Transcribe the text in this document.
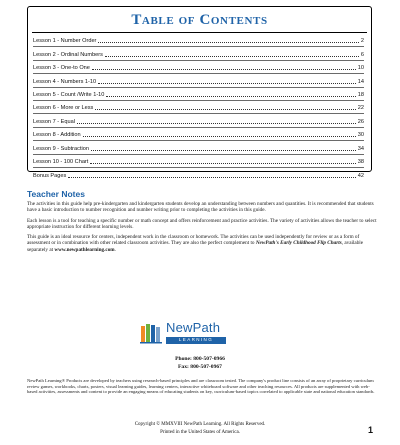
Table of Contents
Lesson 1 - Number Order	2
Lesson 2 - Ordinal Numbers	6
Lesson 3 - One-to One	10
Lesson 4 - Numbers 1-10	14
Lesson 5 - Count /Write 1-10	18
Lesson 6 - More or Less	22
Lesson 7 - Equal	26
Lesson 8 - Addition	30
Lesson 9 - Subtraction	34
Lesson 10 - 100 Chart	38
Bonus Pages	42
Teacher Notes

The activities in this guide help pre-kindergarten and kindergarten students develop an understanding between numbers and quantities. It is recommended that students have a basic introduction to number recognition and number writing prior to completing the activities in this guide.

Each lesson is a tool for teaching a specific number or math concept and offers reinforcement and practice activities. The variety of activities allows the teacher to select appropriate instruction for different learning levels.

This guide is an ideal resource for centers, independent work in the classroom or homework. The activities can be used independently for review or as a form of assessment or in combination with other related classroom activities. They are also the perfect complement to NewPath's Early Childhood Flip Charts, available separately at www.newpathlearning.com.

NewPath
LEARNING
Phone: 800-507-0966
Fax: 800-507-0967
NewPath Learning® Products are developed by teachers using research-based principles and are classroom tested. The company's product line consists of an array of proprietary curriculum review games, workbooks, charts, posters, visual learning guides, learning centers, interactive whiteboard software and other teaching resources. All products are supplemented with web-based activities, assessments and content to provide an engaging means of educating students on key, curriculum-based topics correlated to applicable state and national education standards.
Copyright © MMXVIII NewPath Learning. All Rights Reserved.
Printed in the United States of America.	1
